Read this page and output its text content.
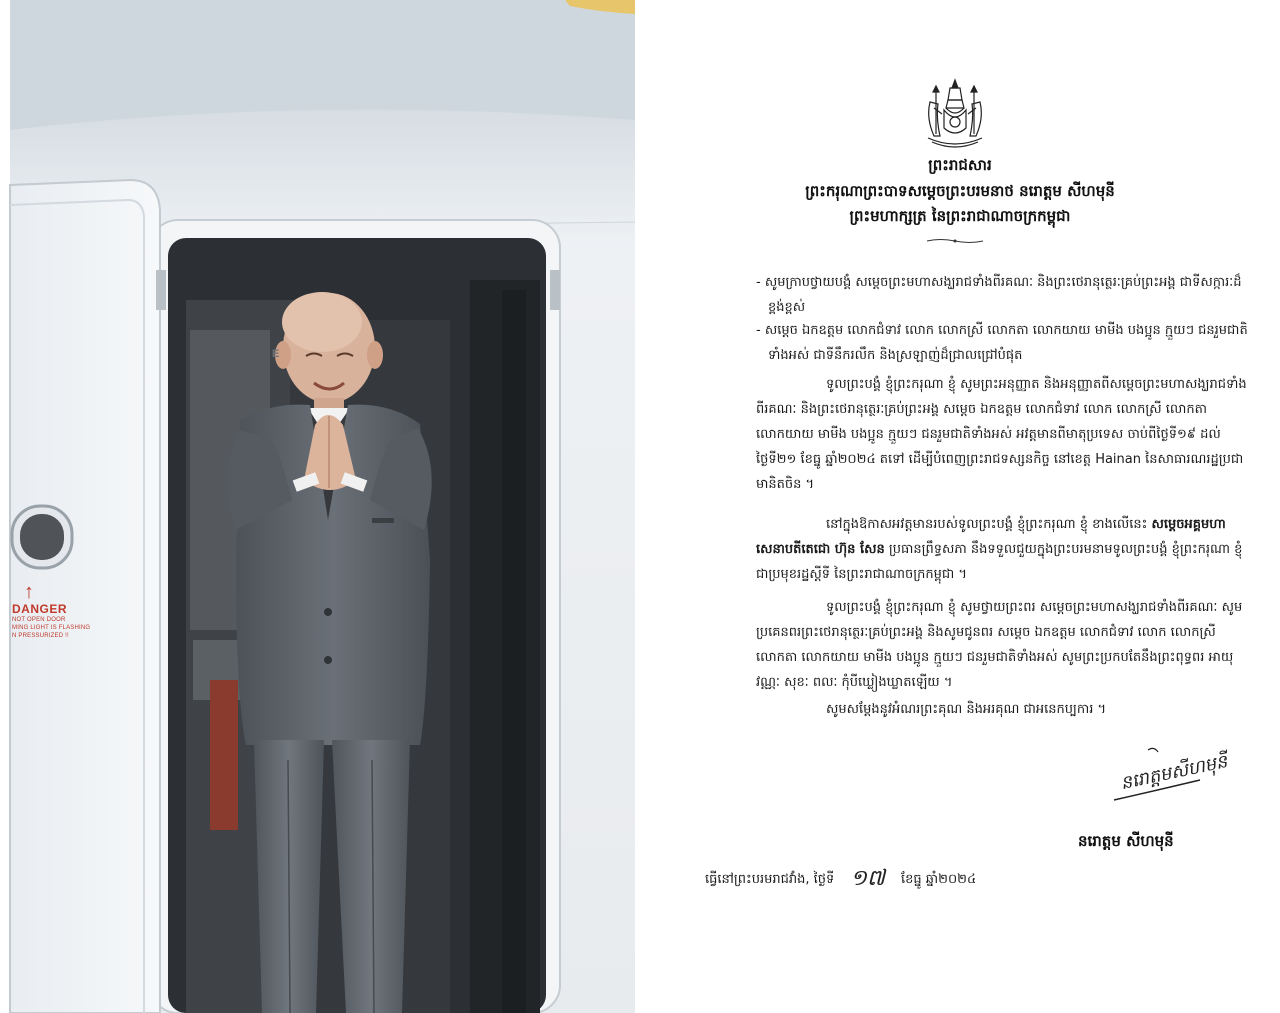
E
↑
DANGER
NOT OPEN DOOR
MING LIGHT IS FLASHING
N PRESSURIZED !!
ព្រះរាជសារ
ព្រះករុណាព្រះបាទសម្តេចព្រះបរមនាថ នរោត្តម សីហមុនី
ព្រះមហាក្សត្រ នៃព្រះរាជាណាចក្រកម្ពុជា
- សូមក្រាបថ្វាយបង្គំ សម្តេចព្រះមហាសង្ឃរាជទាំងពីរគណៈ និងព្រះថេរានុត្ថេរៈគ្រប់ព្រះអង្គ ជាទីសក្ការៈដ៏ខ្ពង់ខ្ពស់
- សម្តេច ឯកឧត្តម លោកជំទាវ លោក លោកស្រី លោកតា លោកយាយ មាមីង បងប្អូន ក្មួយៗ ជនរួមជាតិទាំងអស់ ជាទីនឹករលឹក និងស្រឡាញ់ដ៏ជ្រាលជ្រៅបំផុត
ទូលព្រះបង្គំ ខ្ញុំព្រះករុណា ខ្ញុំ សូមព្រះអនុញ្ញាត និងអនុញ្ញាតពីសម្តេចព្រះមហាសង្ឃរាជទាំងពីរគណៈ និងព្រះថេរានុត្ថេរៈគ្រប់ព្រះអង្គ សម្តេច ឯកឧត្តម លោកជំទាវ លោក លោកស្រី លោកតា លោកយាយ មាមីង បងប្អូន ក្មួយៗ ជនរួមជាតិទាំងអស់ អវត្តមានពីមាតុប្រទេស ចាប់ពីថ្ងៃទី១៩ ដល់ថ្ងៃទី២១ ខែធ្នូ ឆ្នាំ២០២៤ តទៅ ដើម្បីបំពេញព្រះរាជទស្សនកិច្ច នៅខេត្ត Hainan នៃសាធារណរដ្ឋប្រជាមានិតចិន ។
នៅក្នុងឱកាសអវត្តមានរបស់ទូលព្រះបង្គំ ខ្ញុំព្រះករុណា ខ្ញុំ ខាងលើនេះ សម្តេចអគ្គមហាសេនាបតីតេជោ ហ៊ុន សែន ប្រធានព្រឹទ្ធសភា នឹងទទួលជួយក្នុងព្រះបរមនាមទូលព្រះបង្គំ ខ្ញុំព្រះករុណា ខ្ញុំ ជាប្រមុខរដ្ឋស្តីទី នៃព្រះរាជាណាចក្រកម្ពុជា ។
ទូលព្រះបង្គំ ខ្ញុំព្រះករុណា ខ្ញុំ សូមថ្វាយព្រះពរ សម្តេចព្រះមហាសង្ឃរាជទាំងពីរគណៈ សូមប្រគេនពរព្រះថេរានុត្ថេរៈគ្រប់ព្រះអង្គ និងសូមជូនពរ សម្តេច ឯកឧត្តម លោកជំទាវ លោក លោកស្រី លោកតា លោកយាយ មាមីង បងប្អូន ក្មួយៗ ជនរួមជាតិទាំងអស់ សូមព្រះប្រកបតែនឹងព្រះពុទ្ធពរ អាយុ វណ្ណៈ សុខៈ ពលៈ កុំបីឃ្លៀងឃ្លាតឡើយ ។
សូមសម្តែងនូវអំណរព្រះគុណ និងអរគុណ ជាអនេកប្បការ ។
នរោត្តមសីហមុនី
នរោត្តម សីហមុនី
ធ្វើនៅព្រះបរមរាជវាំង, ថ្ងៃទី ១៧ ខែធ្នូ ឆ្នាំ២០២៤
